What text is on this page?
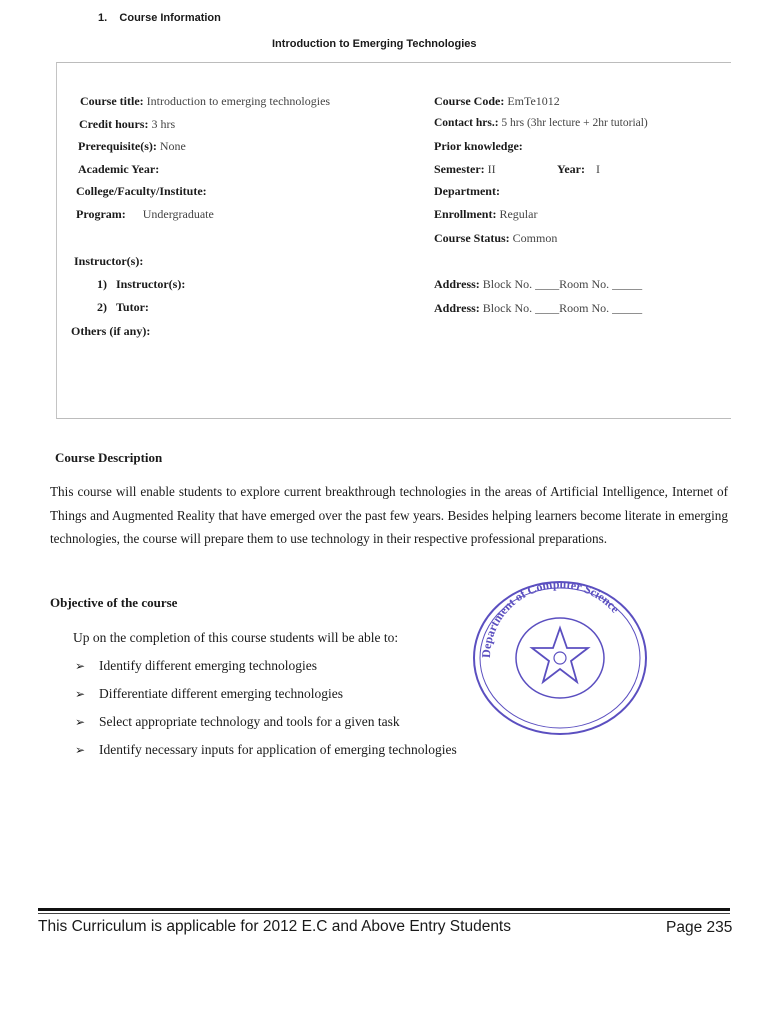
1. Course Information
Introduction to Emerging Technologies
Course title: Introduction to emerging technologies
Credit hours: 3 hrs
Prerequisite(s): None
Academic Year:
College/Faculty/Institute:
Program: Undergraduate
Course Code: EmTe1012
Contact hrs.: 5 hrs (3hr lecture + 2hr tutorial)
Prior knowledge:
Semester: II	Year: I
Department:
Enrollment: Regular
Course Status: Common
Instructor(s):
1) Instructor(s):
2) Tutor:
Others (if any):
Address: Block No. ____Room No. _____
Address: Block No. ____Room No. _____
Course Description
This course will enable students to explore current breakthrough technologies in the areas of Artificial Intelligence, Internet of Things and Augmented Reality that have emerged over the past few years. Besides helping learners become literate in emerging technologies, the course will prepare them to use technology in their respective professional preparations.
Objective of the course
Up on the completion of this course students will be able to:
➢ Identify different emerging technologies
➢ Differentiate different emerging technologies
➢ Select appropriate technology and tools for a given task
➢ Identify necessary inputs for application of emerging technologies
Department of Computer Science
This Curriculum is applicable for 2012 E.C and Above Entry Students	Page 235
